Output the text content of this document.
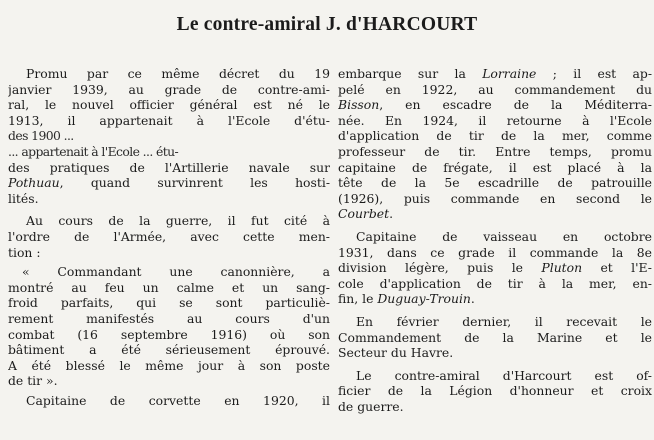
Le contre-amiral J. d'HARCOURT
Promu par ce même décret du 19
janvier 1939, au grade de contre-ami-
ral, le nouvel officier général est né le
1913, il appartenait à l'Ecole d'étu-
des 1900 ...
... appartenait à l'Ecole ... étu-
des pratiques de l'Artillerie navale sur
Pothuau, quand survinrent les hosti-
lités.
Au cours de la guerre, il fut cité à
l'ordre de l'Armée, avec cette men-
tion :
« Commandant une canonnière, a
montré au feu un calme et un sang-
froid parfaits, qui se sont particuliè-
rement manifestés au cours d'un
combat (16 septembre 1916) où son
bâtiment a été sérieusement éprouvé.
A été blessé le même jour à son poste
de tir ».
Capitaine de corvette en 1920, il
embarque sur la Lorraine ; il est ap-
pelé en 1922, au commandement du
Bisson, en escadre de la Méditerra-
née. En 1924, il retourne à l'Ecole
d'application de tir de la mer, comme
professeur de tir. Entre temps, promu
capitaine de frégate, il est placé à la
tête de la 5e escadrille de patrouille
(1926), puis commande en second le
Courbet.
Capitaine de vaisseau en octobre
1931, dans ce grade il commande la 8e
division légère, puis le Pluton et l'E-
cole d'application de tir à la mer, en-
fin, le Duguay-Trouin.
En février dernier, il recevait le
Commandement de la Marine et le
Secteur du Havre.
Le contre-amiral d'Harcourt est of-
ficier de la Légion d'honneur et croix
de guerre.
